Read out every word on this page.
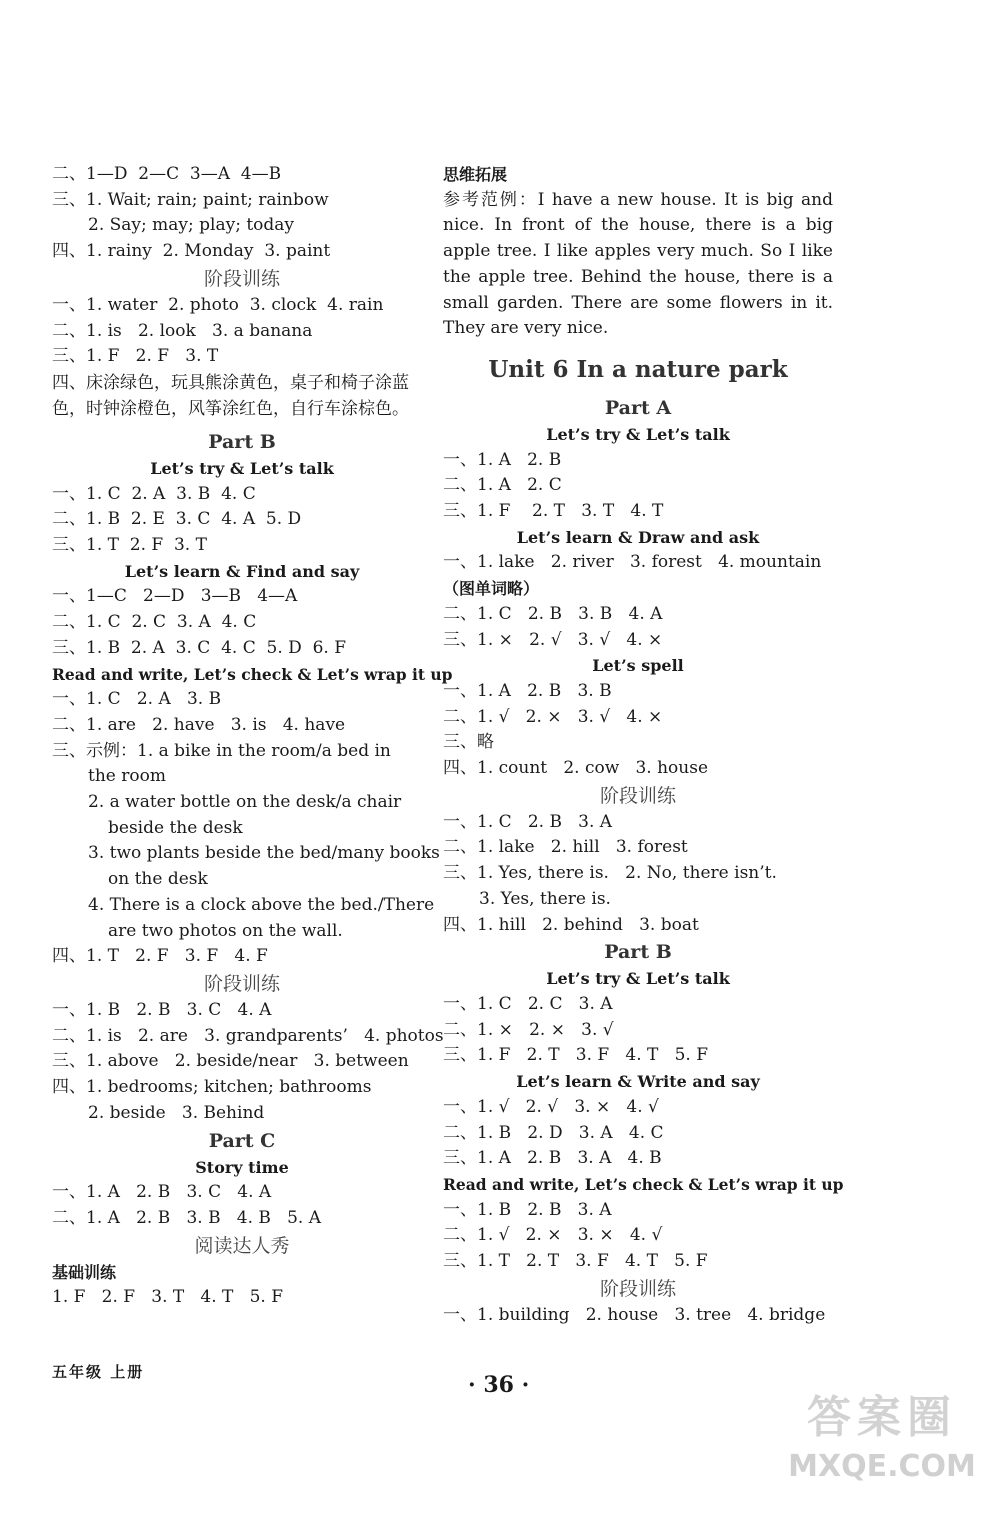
二、1—D  2—C  3—A  4—B
三、1. Wait; rain; paint; rainbow
2. Say; may; play; today
四、1. rainy  2. Monday  3. paint
阶段训练
一、1. water  2. photo  3. clock  4. rain
二、1. is   2. look   3. a banana
三、1. F   2. F   3. T
四、床涂绿色，玩具熊涂黄色，桌子和椅子涂蓝色，时钟涂橙色，风筝涂红色，自行车涂棕色。
Part B
Let’s try & Let’s talk
一、1. C  2. A  3. B  4. C
二、1. B  2. E  3. C  4. A  5. D
三、1. T  2. F  3. T
Let’s learn & Find and say
一、1—C   2—D   3—B   4—A
二、1. C  2. C  3. A  4. C
三、1. B  2. A  3. C  4. C  5. D  6. F
Read and write, Let’s check & Let’s wrap it up
一、1. C   2. A   3. B
二、1. are   2. have   3. is   4. have
三、示例：1. a bike in the room/a bed in
the room
2. a water bottle on the desk/a chair
beside the desk
3. two plants beside the bed/many books
on the desk
4. There is a clock above the bed./There
are two photos on the wall.
四、1. T   2. F   3. F   4. F
阶段训练
一、1. B   2. B   3. C   4. A
二、1. is   2. are   3. grandparents’   4. photos
三、1. above   2. beside/near   3. between
四、1. bedrooms; kitchen; bathrooms
2. beside   3. Behind
Part C
Story time
一、1. A   2. B   3. C   4. A
二、1. A   2. B   3. B   4. B   5. A
阅读达人秀
基础训练
1. F   2. F   3. T   4. T   5. F
思维拓展
参考范例：I have a new house. It is big and nice. In front of the house, there is a big apple tree. I like apples very much. So I like the apple tree. Behind the house, there is a small garden. There are some flowers in it. They are very nice.
Unit 6 In a nature park
Part A
Let’s try & Let’s talk
一、1. A   2. B
二、1. A   2. C
三、1. F    2. T   3. T   4. T
Let’s learn & Draw and ask
一、1. lake   2. river   3. forest   4. mountain
（图单词略）
二、1. C   2. B   3. B   4. A
三、1. ×   2. √   3. √   4. ×
Let’s spell
一、1. A   2. B   3. B
二、1. √   2. ×   3. √   4. ×
三、略
四、1. count   2. cow   3. house
阶段训练
一、1. C   2. B   3. A
二、1. lake   2. hill   3. forest
三、1. Yes, there is.   2. No, there isn’t.
3. Yes, there is.
四、1. hill   2. behind   3. boat
Part B
Let’s try & Let’s talk
一、1. C   2. C   3. A
二、1. ×   2. ×   3. √
三、1. F   2. T   3. F   4. T   5. F
Let’s learn & Write and say
一、1. √   2. √   3. ×   4. √
二、1. B   2. D   3. A   4. C
三、1. A   2. B   3. A   4. B
Read and write, Let’s check & Let’s wrap it up
一、1. B   2. B   3. A
二、1. √   2. ×   3. ×   4. √
三、1. T   2. T   3. F   4. T   5. F
阶段训练
一、1. building   2. house   3. tree   4. bridge
五年级 上册	· 36 ·
答案圈
MXQE.COM
